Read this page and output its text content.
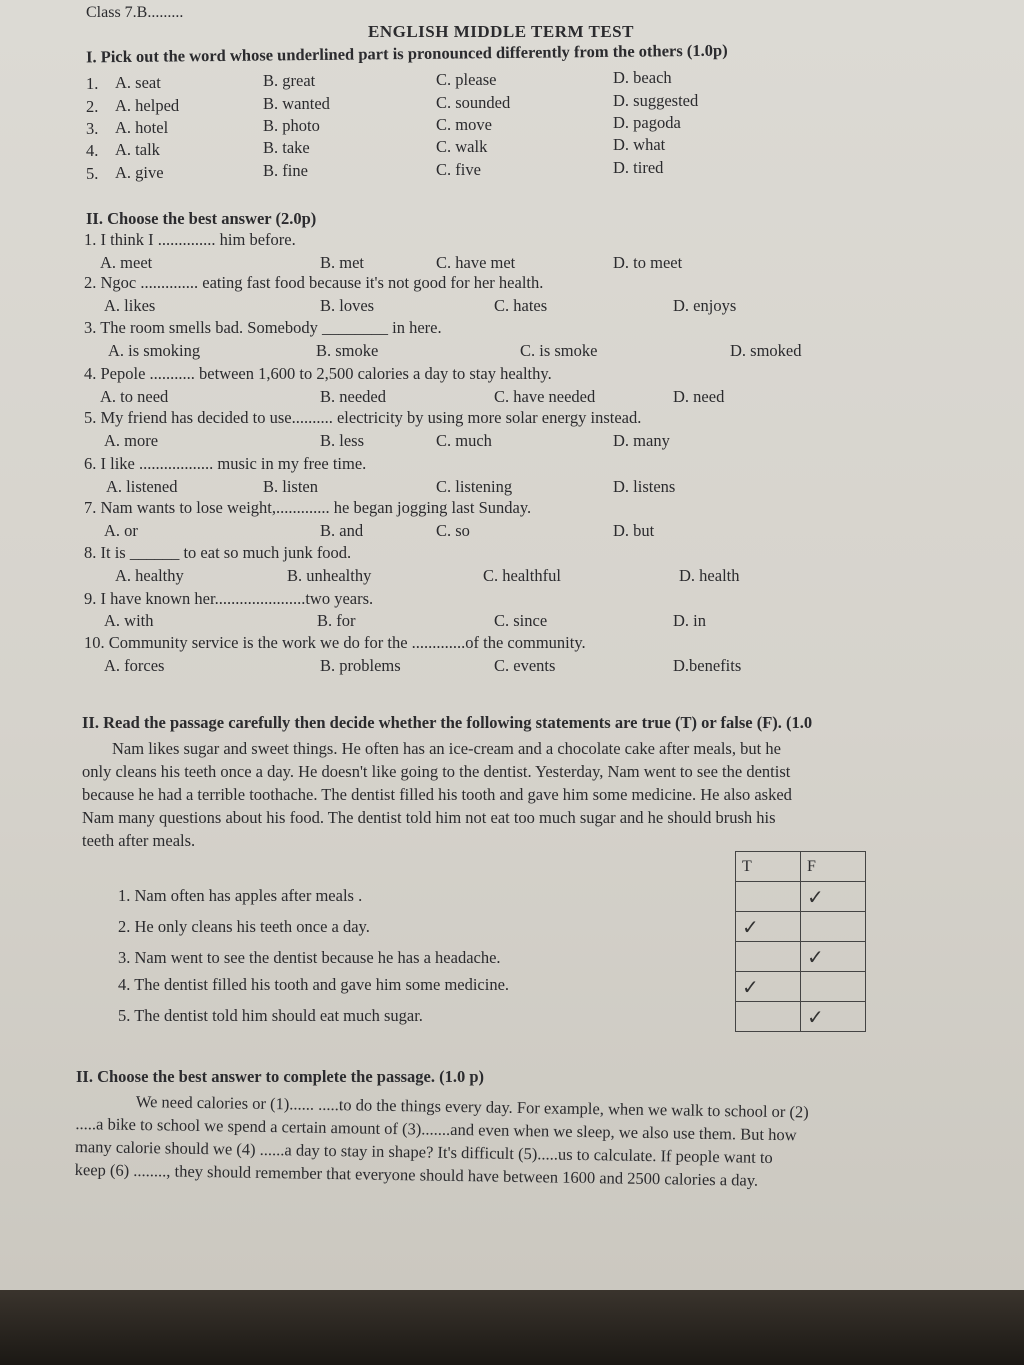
Class 7.B.........
ENGLISH MIDDLE TERM TEST
I. Pick out the word whose underlined part is pronounced differently from the others (1.0p)
1. A. seat	B. great	C. please	D. beach
2. A. helped	B. wanted	C. sounded	D. suggested
3. A. hotel	B. photo	C. move	D. pagoda
4. A. talk	B. take	C. walk	D. what
5. A. give	B. fine	C. five	D. tired
II. Choose the best answer (2.0p)
1. I think I .............. him before.
A. meet	B. met	C. have met	D. to meet
2. Ngoc .............. eating fast food because it's not good for her health.
A. likes	B. loves	C. hates	D. enjoys
3. The room smells bad. Somebody ________ in here.
A. is smoking	B. smoke	C. is smoke	D. smoked
4. Pepole ........... between 1,600 to 2,500 calories a day to stay healthy.
A. to need	B. needed	C. have needed	D. need
5. My friend has decided to use.......... electricity by using more solar energy instead.
A. more	B. less	C. much	D. many
6. I like .................. music in my free time.
A. listened	B. listen	C. listening	D. listens
7. Nam wants to lose weight,............. he began jogging last Sunday.
A. or	B. and	C. so	D. but
8. It is ______ to eat so much junk food.
A. healthy	B. unhealthy	C. healthful	D. health
9. I have known her......................two years.
A. with	B. for	C. since	D. in
10. Community service is the work we do for the .............of the community.
A. forces	B. problems	C. events	D.benefits
II. Read the passage carefully then decide whether the following statements are true (T) or false (F). (1.0
Nam likes sugar and sweet things. He often has an ice-cream and a chocolate cake after meals, but he
only cleans his teeth once a day. He doesn't like going to the dentist. Yesterday, Nam went to see the dentist
because he had a terrible toothache. The dentist filled his tooth and gave him some medicine. He also asked
Nam many questions about his food. The dentist told him not eat too much sugar and he should brush his
teeth after meals.
1. Nam often has apples after meals .
2. He only cleans his teeth once a day.
3. Nam went to see the dentist because he has a headache.
4. The dentist filled his tooth and gave him some medicine.
5. The dentist told him should eat much sugar.
T	F
	✓
✓	
	✓
✓	
	✓
II. Choose the best answer to complete the passage. (1.0 p)
We need calories or (1)...... .....to do the things every day. For example, when we walk to school or (2)
.....a bike to school we spend a certain amount of (3).......and even when we sleep, we also use them. But how
many calorie should we (4) ......a day to stay in shape? It's difficult (5).....us to calculate. If people want to
keep (6) ........, they should remember that everyone should have between 1600 and 2500 calories a day.
